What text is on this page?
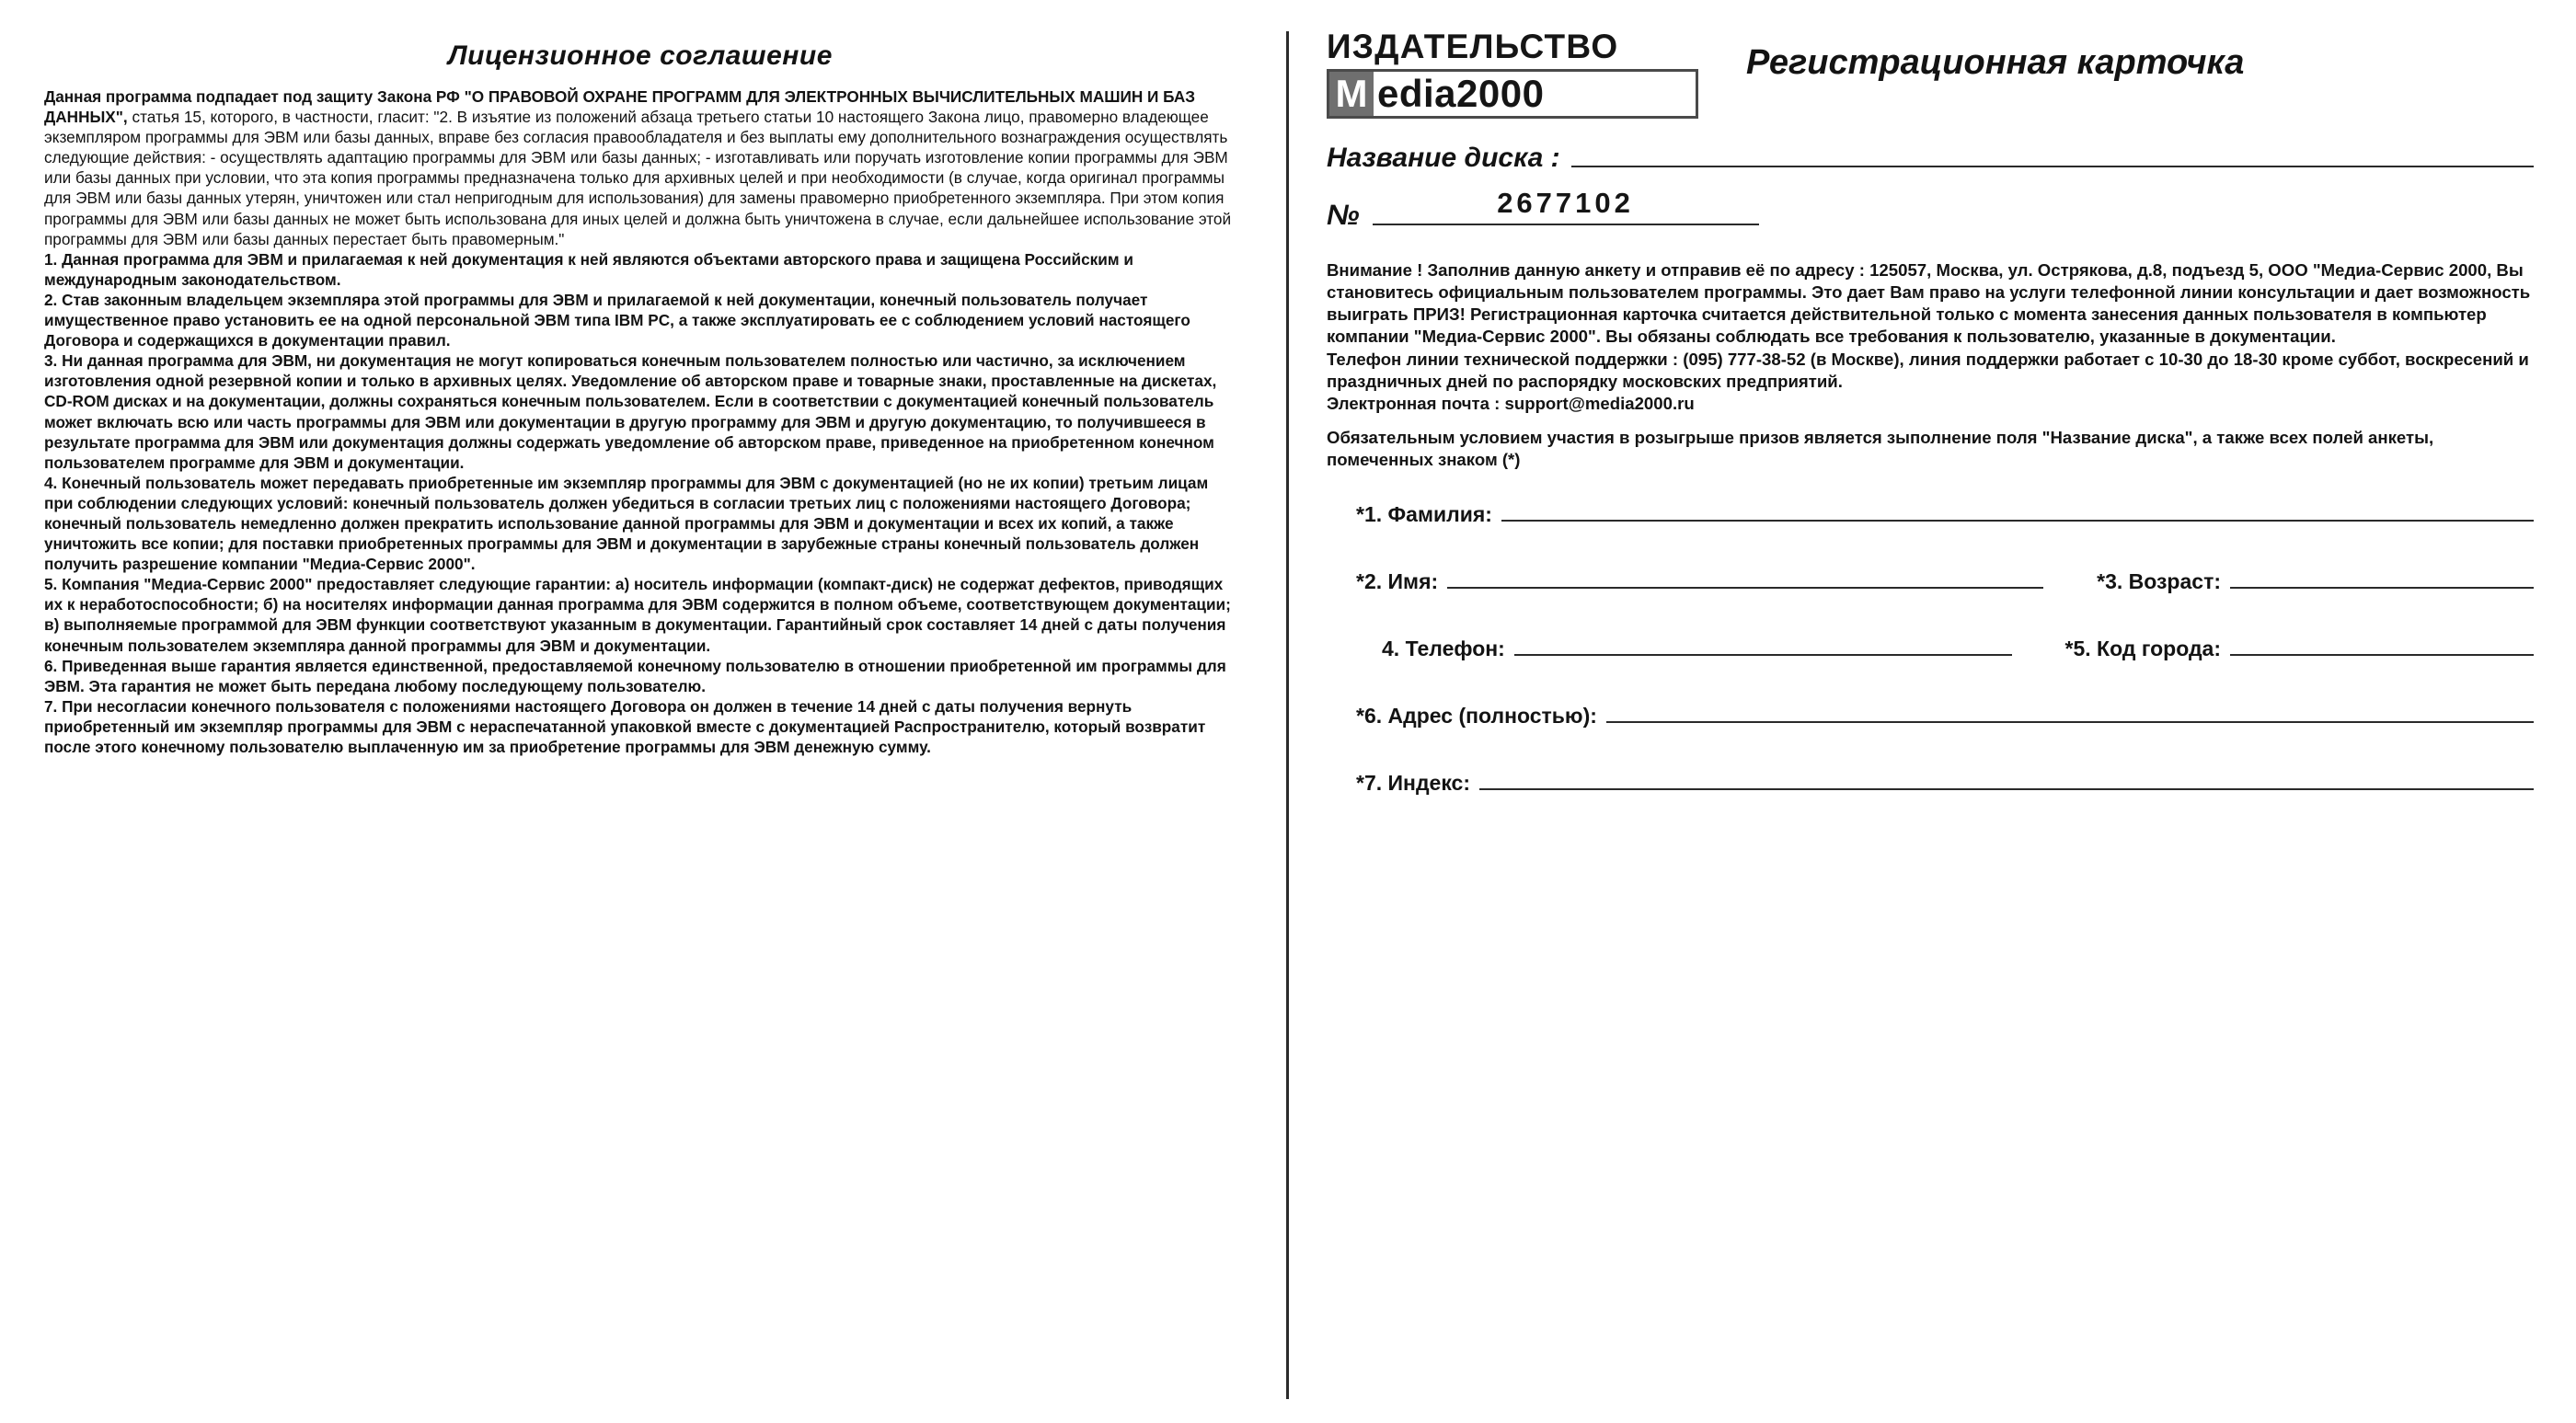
Лицензионное соглашение

Данная программа подпадает под защиту Закона РФ "О ПРАВОВОЙ ОХРАНЕ ПРОГРАММ ДЛЯ ЭЛЕКТРОННЫХ ВЫЧИСЛИТЕЛЬНЫХ МАШИН И БАЗ ДАННЫХ", статья 15, которого, в частности, гласит: "2. В изъятие из положений абзаца третьего статьи 10 настоящего Закона лицо, правомерно владеющее экземпляром программы для ЭВМ или базы данных, вправе без согласия правообладателя и без выплаты ему дополнительного вознаграждения осуществлять следующие действия: - осуществлять адаптацию программы для ЭВМ или базы данных; - изготавливать или поручать изготовление копии программы для ЭВМ или базы данных при условии, что эта копия программы предназначена только для архивных целей и при необходимости (в случае, когда оригинал программы для ЭВМ или базы данных утерян, уничтожен или стал непригодным для использования) для замены правомерно приобретенного экземпляра. При этом копия программы для ЭВМ или базы данных не может быть использована для иных целей и должна быть уничтожена в случае, если дальнейшее использование этой программы для ЭВМ или базы данных перестает быть правомерным."

1. Данная программа для ЭВМ и прилагаемая к ней документация к ней являются объектами авторского права и защищена Российским и международным законодательством.

2. Став законным владельцем экземпляра этой программы для ЭВМ и прилагаемой к ней документации, конечный пользователь получает имущественное право установить ее на одной персональной ЭВМ типа IBM PC, а также эксплуатировать ее с соблюдением условий настоящего Договора и содержащихся в документации правил.

3. Ни данная программа для ЭВМ, ни документация не могут копироваться конечным пользователем полностью или частично, за исключением изготовления одной резервной копии и только в архивных целях. Уведомление об авторском праве и товарные знаки, проставленные на дискетах, CD-ROM дисках и на документации, должны сохраняться конечным пользователем. Если в соответствии с документацией конечный пользователь может включать всю или часть программы для ЭВМ или документации в другую программу для ЭВМ и другую документацию, то получившееся в результате программа для ЭВМ или документация должны содержать уведомление об авторском праве, приведенное на приобретенном конечном пользователем программе для ЭВМ и документации.

4. Конечный пользователь может передавать приобретенные им экземпляр программы для ЭВМ с документацией (но не их копии) третьим лицам при соблюдении следующих условий: конечный пользователь должен убедиться в согласии третьих лиц с положениями настоящего Договора; конечный пользователь немедленно должен прекратить использование данной программы для ЭВМ и документации и всех их копий, а также уничтожить все копии; для поставки приобретенных программы для ЭВМ и документации в зарубежные страны конечный пользователь должен получить разрешение компании "Медиа-Сервис 2000".

5. Компания "Медиа-Сервис 2000" предоставляет следующие гарантии: а) носитель информации (компакт-диск) не содержат дефектов, приводящих их к неработоспособности; б) на носителях информации данная программа для ЭВМ содержится в полном объеме, соответствующем документации; в) выполняемые программой для ЭВМ функции соответствуют указанным в документации. Гарантийный срок составляет 14 дней с даты получения конечным пользователем экземпляра данной программы для ЭВМ и документации.

6. Приведенная выше гарантия является единственной, предоставляемой конечному пользователю в отношении приобретенной им программы для ЭВМ. Эта гарантия не может быть передана любому последующему пользователю.

7. При несогласии конечного пользователя с положениями настоящего Договора он должен в течение 14 дней с даты получения вернуть приобретенный им экземпляр программы для ЭВМ с нераспечатанной упаковкой вместе с документацией Распространителю, который возвратит после этого конечному пользователю выплаченную им за приобретение программы для ЭВМ денежную сумму.

ИЗДАТЕЛЬСТВО
M edia2000
Регистрационная карточка
Название диска :
№	2677102

Внимание ! Заполнив данную анкету и отправив её по адресу : 125057, Москва, ул. Острякова, д.8, подъезд 5, ООО "Медиа-Сервис 2000, Вы становитесь официальным пользователем программы. Это дает Вам право на услуги телефонной линии консультации и дает возможность выиграть ПРИЗ! Регистрационная карточка считается действительной только с момента занесения данных пользователя в компьютер компании "Медиа-Сервис 2000". Вы обязаны соблюдать все требования к пользователю, указанные в документации.

Телефон линии технической поддержки : (095) 777-38-52 (в Москве), линия поддержки работает с 10-30 до 18-30 кроме суббот, воскресений и праздничных дней по распорядку московских предприятий.

Электронная почта : support@media2000.ru

Обязательным условием участия в розыгрыше призов является зыполнение поля "Название диска", а также всех полей анкеты, помеченных знаком (*)

*1. Фамилия:
*2. Имя:	*3. Возраст:
4. Телефон:	*5. Код города:
*6. Адрес (полностью):
*7. Индекс:
